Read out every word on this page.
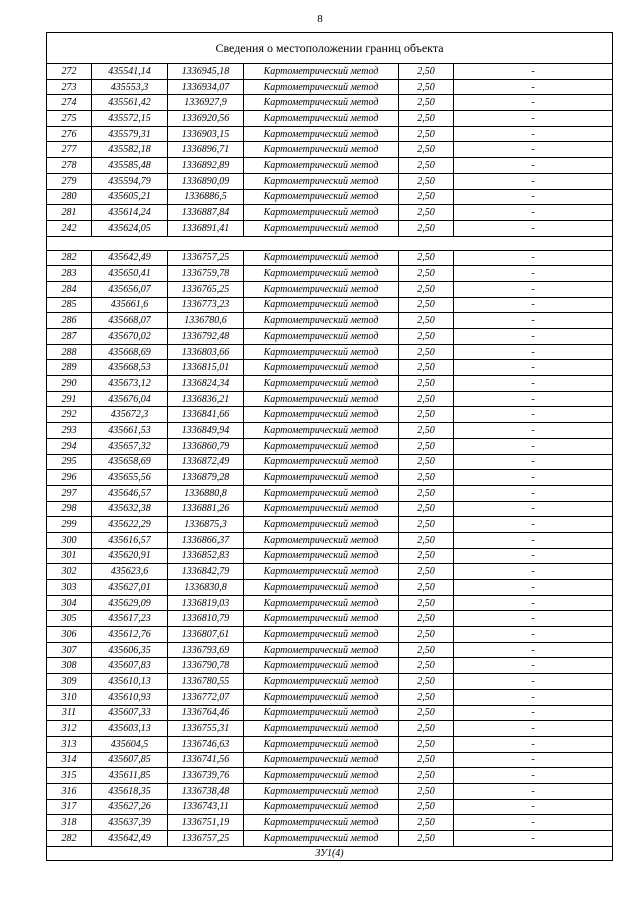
8
Сведения о местоположении границ объекта					
272	435541,14	1336945,18	Картометрический метод	2,50	-
273	435553,3	1336934,07	Картометрический метод	2,50	-
274	435561,42	1336927,9	Картометрический метод	2,50	-
275	435572,15	1336920,56	Картометрический метод	2,50	-
276	435579,31	1336903,15	Картометрический метод	2,50	-
277	435582,18	1336896,71	Картометрический метод	2,50	-
278	435585,48	1336892,89	Картометрический метод	2,50	-
279	435594,79	1336890,09	Картометрический метод	2,50	-
280	435605,21	1336886,5	Картометрический метод	2,50	-
281	435614,24	1336887,84	Картометрический метод	2,50	-
242	435624,05	1336891,41	Картометрический метод	2,50	-

282	435642,49	1336757,25	Картометрический метод	2,50	-
283	435650,41	1336759,78	Картометрический метод	2,50	-
284	435656,07	1336765,25	Картометрический метод	2,50	-
285	435661,6	1336773,23	Картометрический метод	2,50	-
286	435668,07	1336780,6	Картометрический метод	2,50	-
287	435670,02	1336792,48	Картометрический метод	2,50	-
288	435668,69	1336803,66	Картометрический метод	2,50	-
289	435668,53	1336815,01	Картометрический метод	2,50	-
290	435673,12	1336824,34	Картометрический метод	2,50	-
291	435676,04	1336836,21	Картометрический метод	2,50	-
292	435672,3	1336841,66	Картометрический метод	2,50	-
293	435661,53	1336849,94	Картометрический метод	2,50	-
294	435657,32	1336860,79	Картометрический метод	2,50	-
295	435658,69	1336872,49	Картометрический метод	2,50	-
296	435655,56	1336879,28	Картометрический метод	2,50	-
297	435646,57	1336880,8	Картометрический метод	2,50	-
298	435632,38	1336881,26	Картометрический метод	2,50	-
299	435622,29	1336875,3	Картометрический метод	2,50	-
300	435616,57	1336866,37	Картометрический метод	2,50	-
301	435620,91	1336852,83	Картометрический метод	2,50	-
302	435623,6	1336842,79	Картометрический метод	2,50	-
303	435627,01	1336830,8	Картометрический метод	2,50	-
304	435629,09	1336819,03	Картометрический метод	2,50	-
305	435617,23	1336810,79	Картометрический метод	2,50	-
306	435612,76	1336807,61	Картометрический метод	2,50	-
307	435606,35	1336793,69	Картометрический метод	2,50	-
308	435607,83	1336790,78	Картометрический метод	2,50	-
309	435610,13	1336780,55	Картометрический метод	2,50	-
310	435610,93	1336772,07	Картометрический метод	2,50	-
311	435607,33	1336764,46	Картометрический метод	2,50	-
312	435603,13	1336755,31	Картометрический метод	2,50	-
313	435604,5	1336746,63	Картометрический метод	2,50	-
314	435607,85	1336741,56	Картометрический метод	2,50	-
315	435611,85	1336739,76	Картометрический метод	2,50	-
316	435618,35	1336738,48	Картометрический метод	2,50	-
317	435627,26	1336743,11	Картометрический метод	2,50	-
318	435637,39	1336751,19	Картометрический метод	2,50	-
282	435642,49	1336757,25	Картометрический метод	2,50	-
ЗУ1(4)					
